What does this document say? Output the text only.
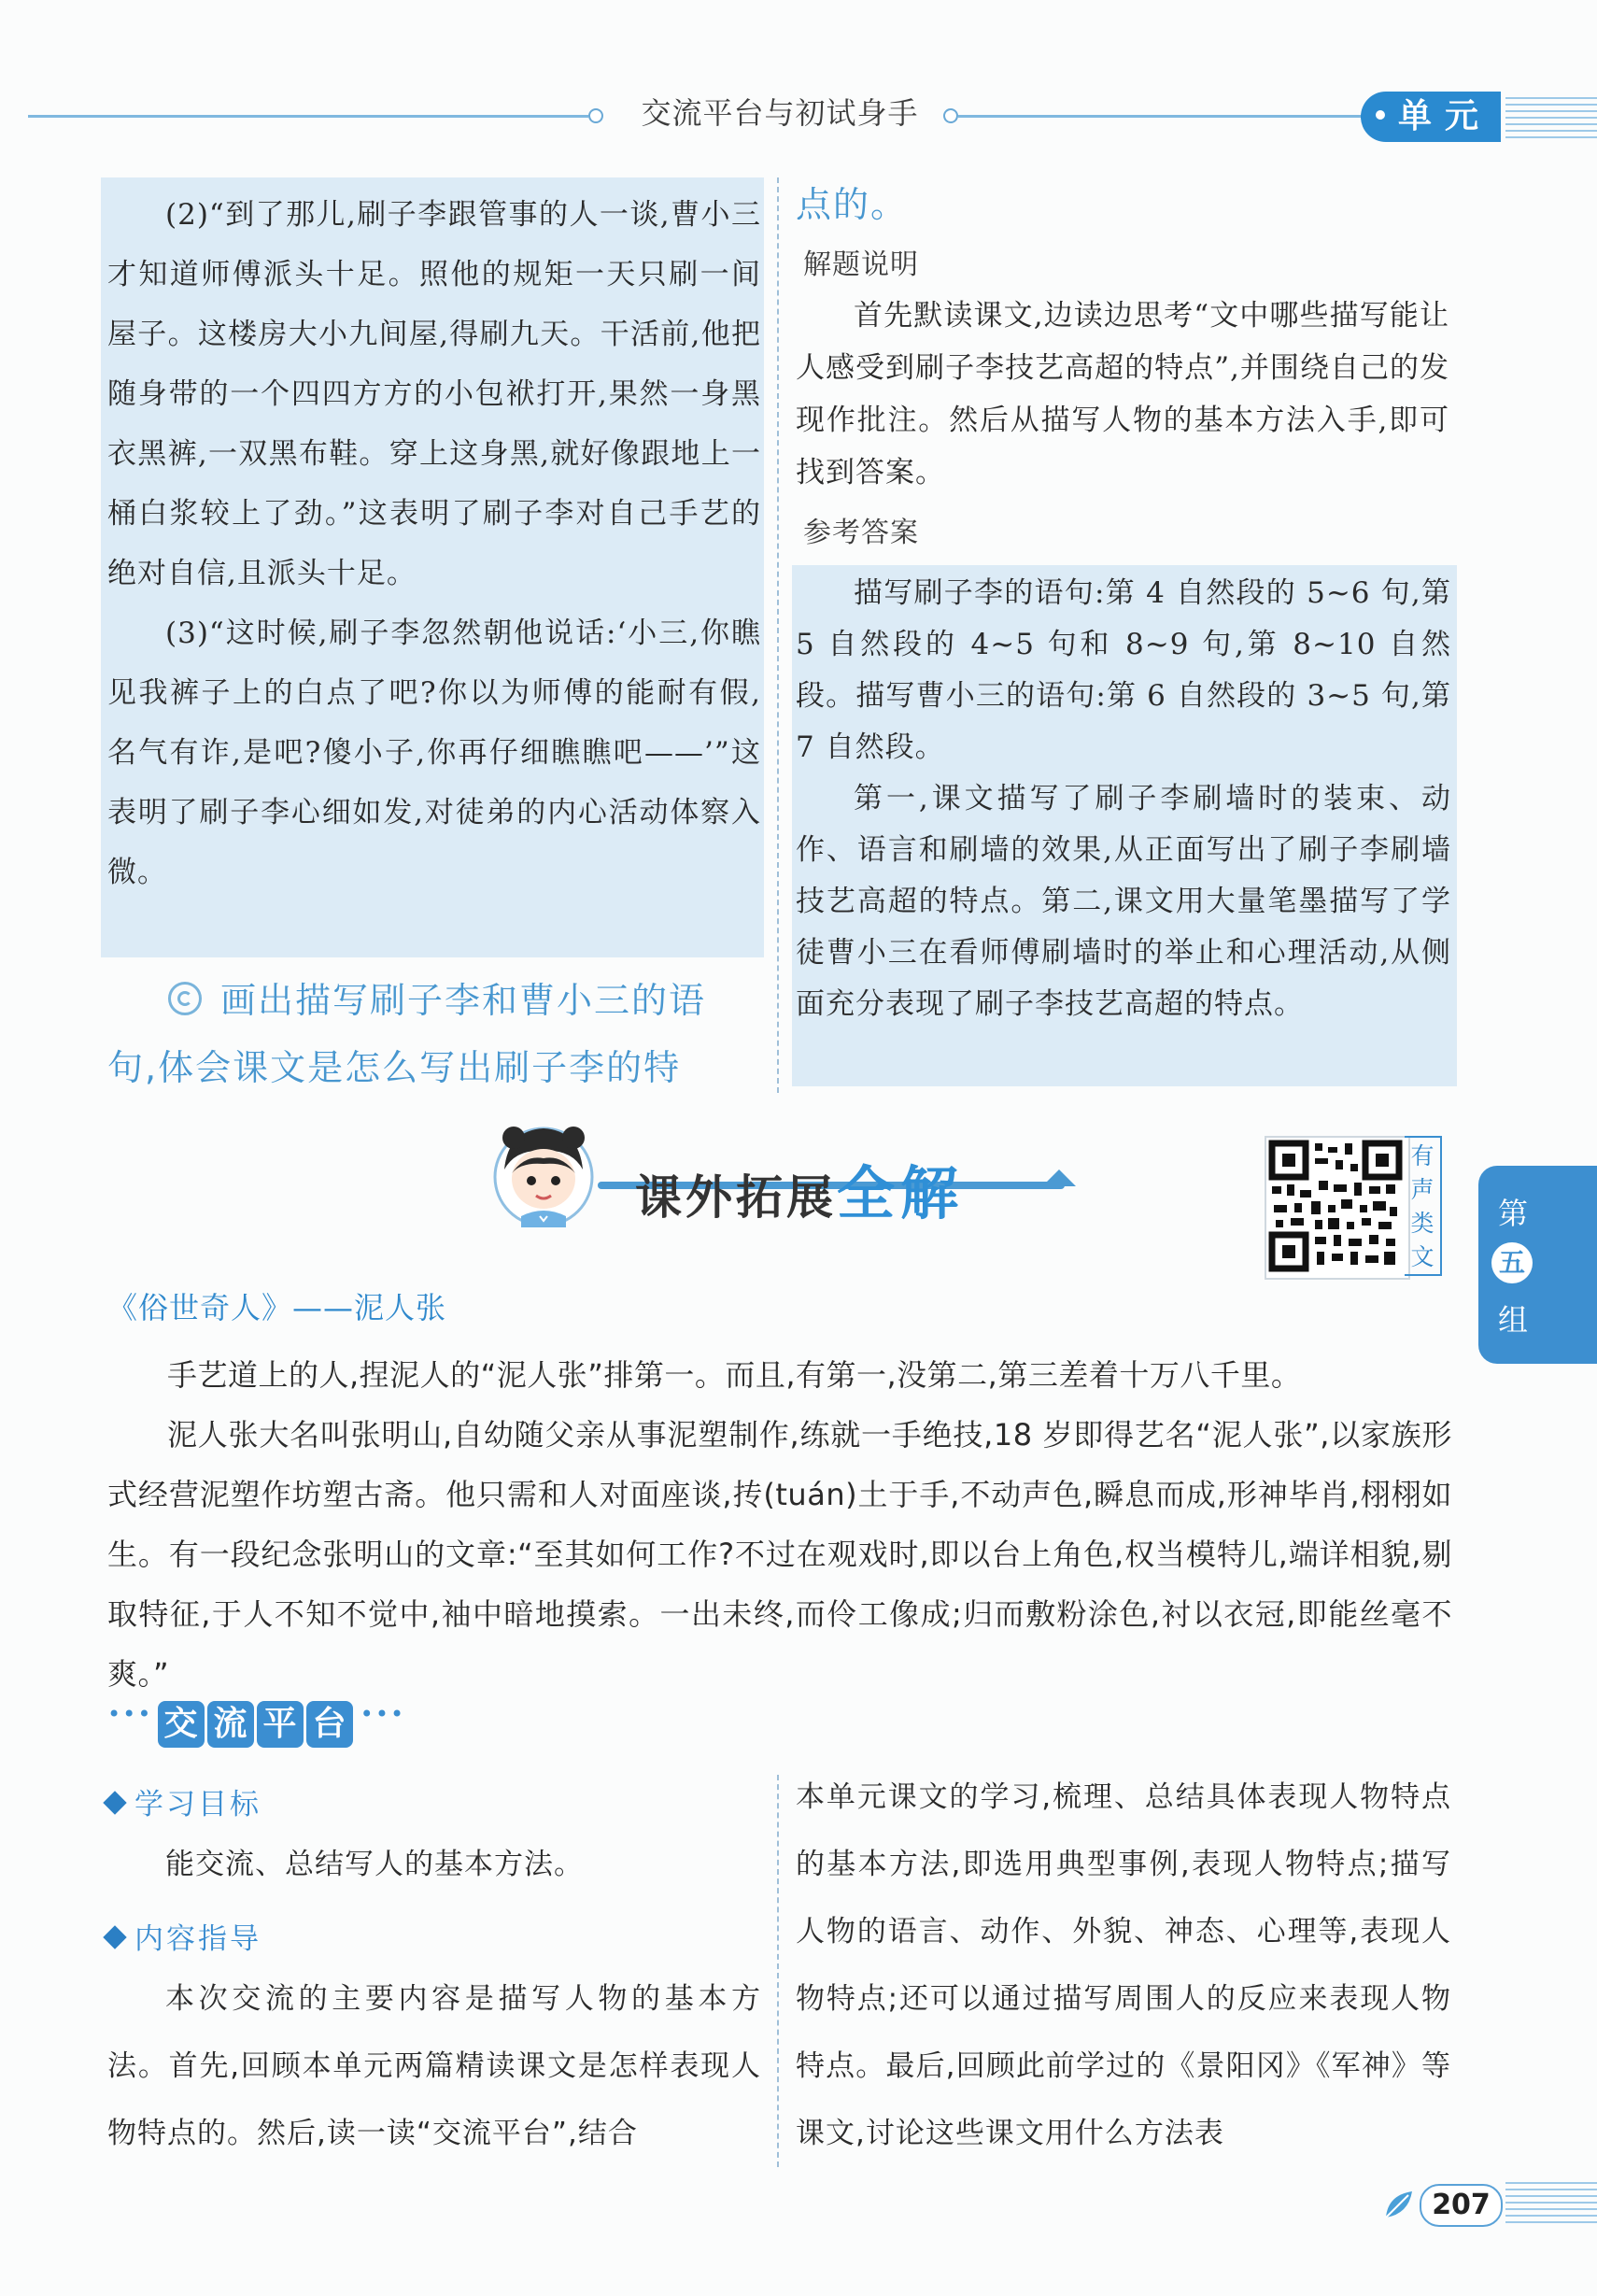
交流平台与初试身手	单元

(2)“到了那儿,刷子李跟管事的人一谈,曹小三才知道师傅派头十足。照他的规矩一天只刷一间屋子。这楼房大小九间屋,得刷九天。干活前,他把随身带的一个四四方方的小包袱打开,果然一身黑衣黑裤,一双黑布鞋。穿上这身黑,就好像跟地上一桶白浆较上了劲。”这表明了刷子李对自己手艺的绝对自信,且派头十足。

(3)“这时候,刷子李忽然朝他说话:‘小三,你瞧见我裤子上的白点了吧?你以为师傅的能耐有假,名气有诈,是吧?傻小子,你再仔细瞧瞧吧——’”这表明了刷子李心细如发,对徒弟的内心活动体察入微。

画出描写刷子李和曹小三的语
句,体会课文是怎么写出刷子李的特
点的。
解题说明

首先默读课文,边读边思考“文中哪些描写能让人感受到刷子李技艺高超的特点”,并围绕自己的发现作批注。然后从描写人物的基本方法入手,即可找到答案。

参考答案

描写刷子李的语句:第 4 自然段的 5~6 句,第 5 自然段的 4~5 句和 8~9 句,第 8~10 自然段。描写曹小三的语句:第 6 自然段的 3~5 句,第 7 自然段。

第一,课文描写了刷子李刷墙时的装束、动作、语言和刷墙的效果,从正面写出了刷子李刷墙技艺高超的特点。第二,课文用大量笔墨描写了学徒曹小三在看师傅刷墙时的举止和心理活动,从侧面充分表现了刷子李技艺高超的特点。

课外拓展全解
有
声
类
文
第
五
组
《俗世奇人》——泥人张

手艺道上的人,捏泥人的“泥人张”排第一。而且,有第一,没第二,第三差着十万八千里。

泥人张大名叫张明山,自幼随父亲从事泥塑制作,练就一手绝技,18 岁即得艺名“泥人张”,以家族形式经营泥塑作坊塑古斋。他只需和人对面座谈,抟(tuán)土于手,不动声色,瞬息而成,形神毕肖,栩栩如生。有一段纪念张明山的文章:“至其如何工作?不过在观戏时,即以台上角色,权当模特儿,端详相貌,剔取特征,于人不知不觉中,袖中暗地摸索。一出未终,而伶工像成;归而敷粉涂色,衬以衣冠,即能丝毫不爽。”

••• 交 流 平 台 •••
学习目标

能交流、总结写人的基本方法。

内容指导

本次交流的主要内容是描写人物的基本方法。首先,回顾本单元两篇精读课文是怎样表现人物特点的。然后,读一读“交流平台”,结合

本单元课文的学习,梳理、总结具体表现人物特点的基本方法,即选用典型事例,表现人物特点;描写人物的语言、动作、外貌、神态、心理等,表现人物特点;还可以通过描写周围人的反应来表现人物特点。最后,回顾此前学过的《景阳冈》《军神》等课文,讨论这些课文用什么方法表

207
